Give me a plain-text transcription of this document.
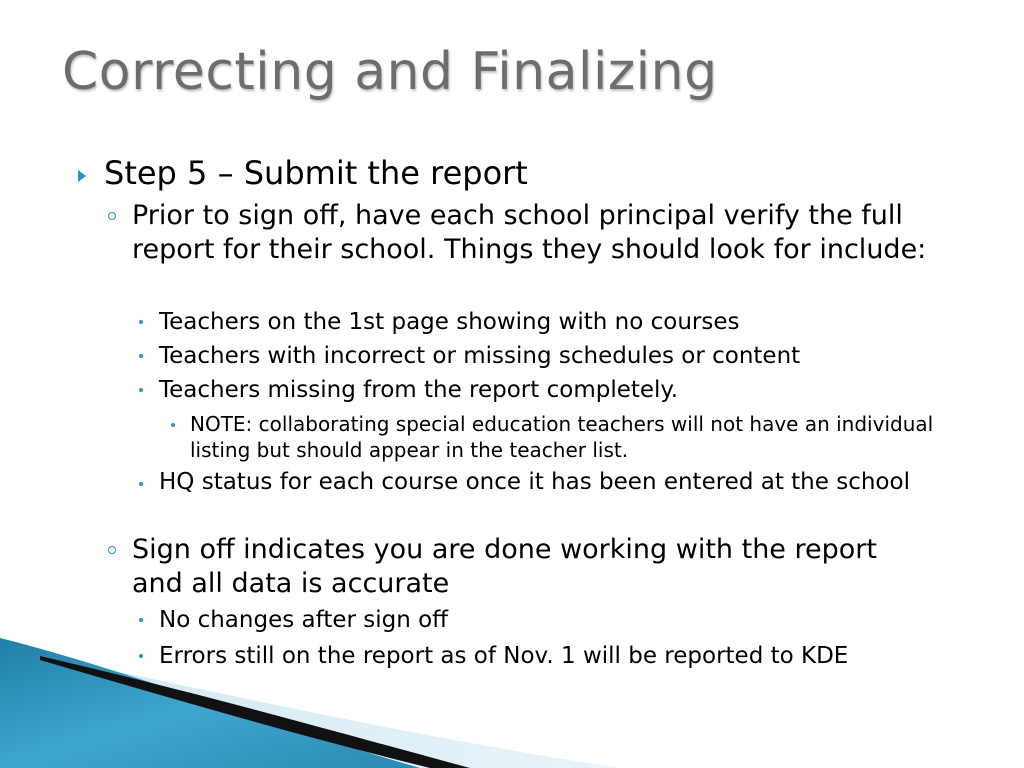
Correcting and Finalizing
Step 5 – Submit the report
Prior to sign off, have each school principal verify the full report for their school. Things they should look for include:
Teachers on the 1st page showing with no courses
Teachers with incorrect or missing schedules or content
Teachers missing from the report completely.
NOTE: collaborating special education teachers will not have an individual listing but should appear in the teacher list.
HQ status for each course once it has been entered at the school
Sign off indicates you are done working with the report and all data is accurate
No changes after sign off
Errors still on the report as of Nov. 1 will be reported to KDE
